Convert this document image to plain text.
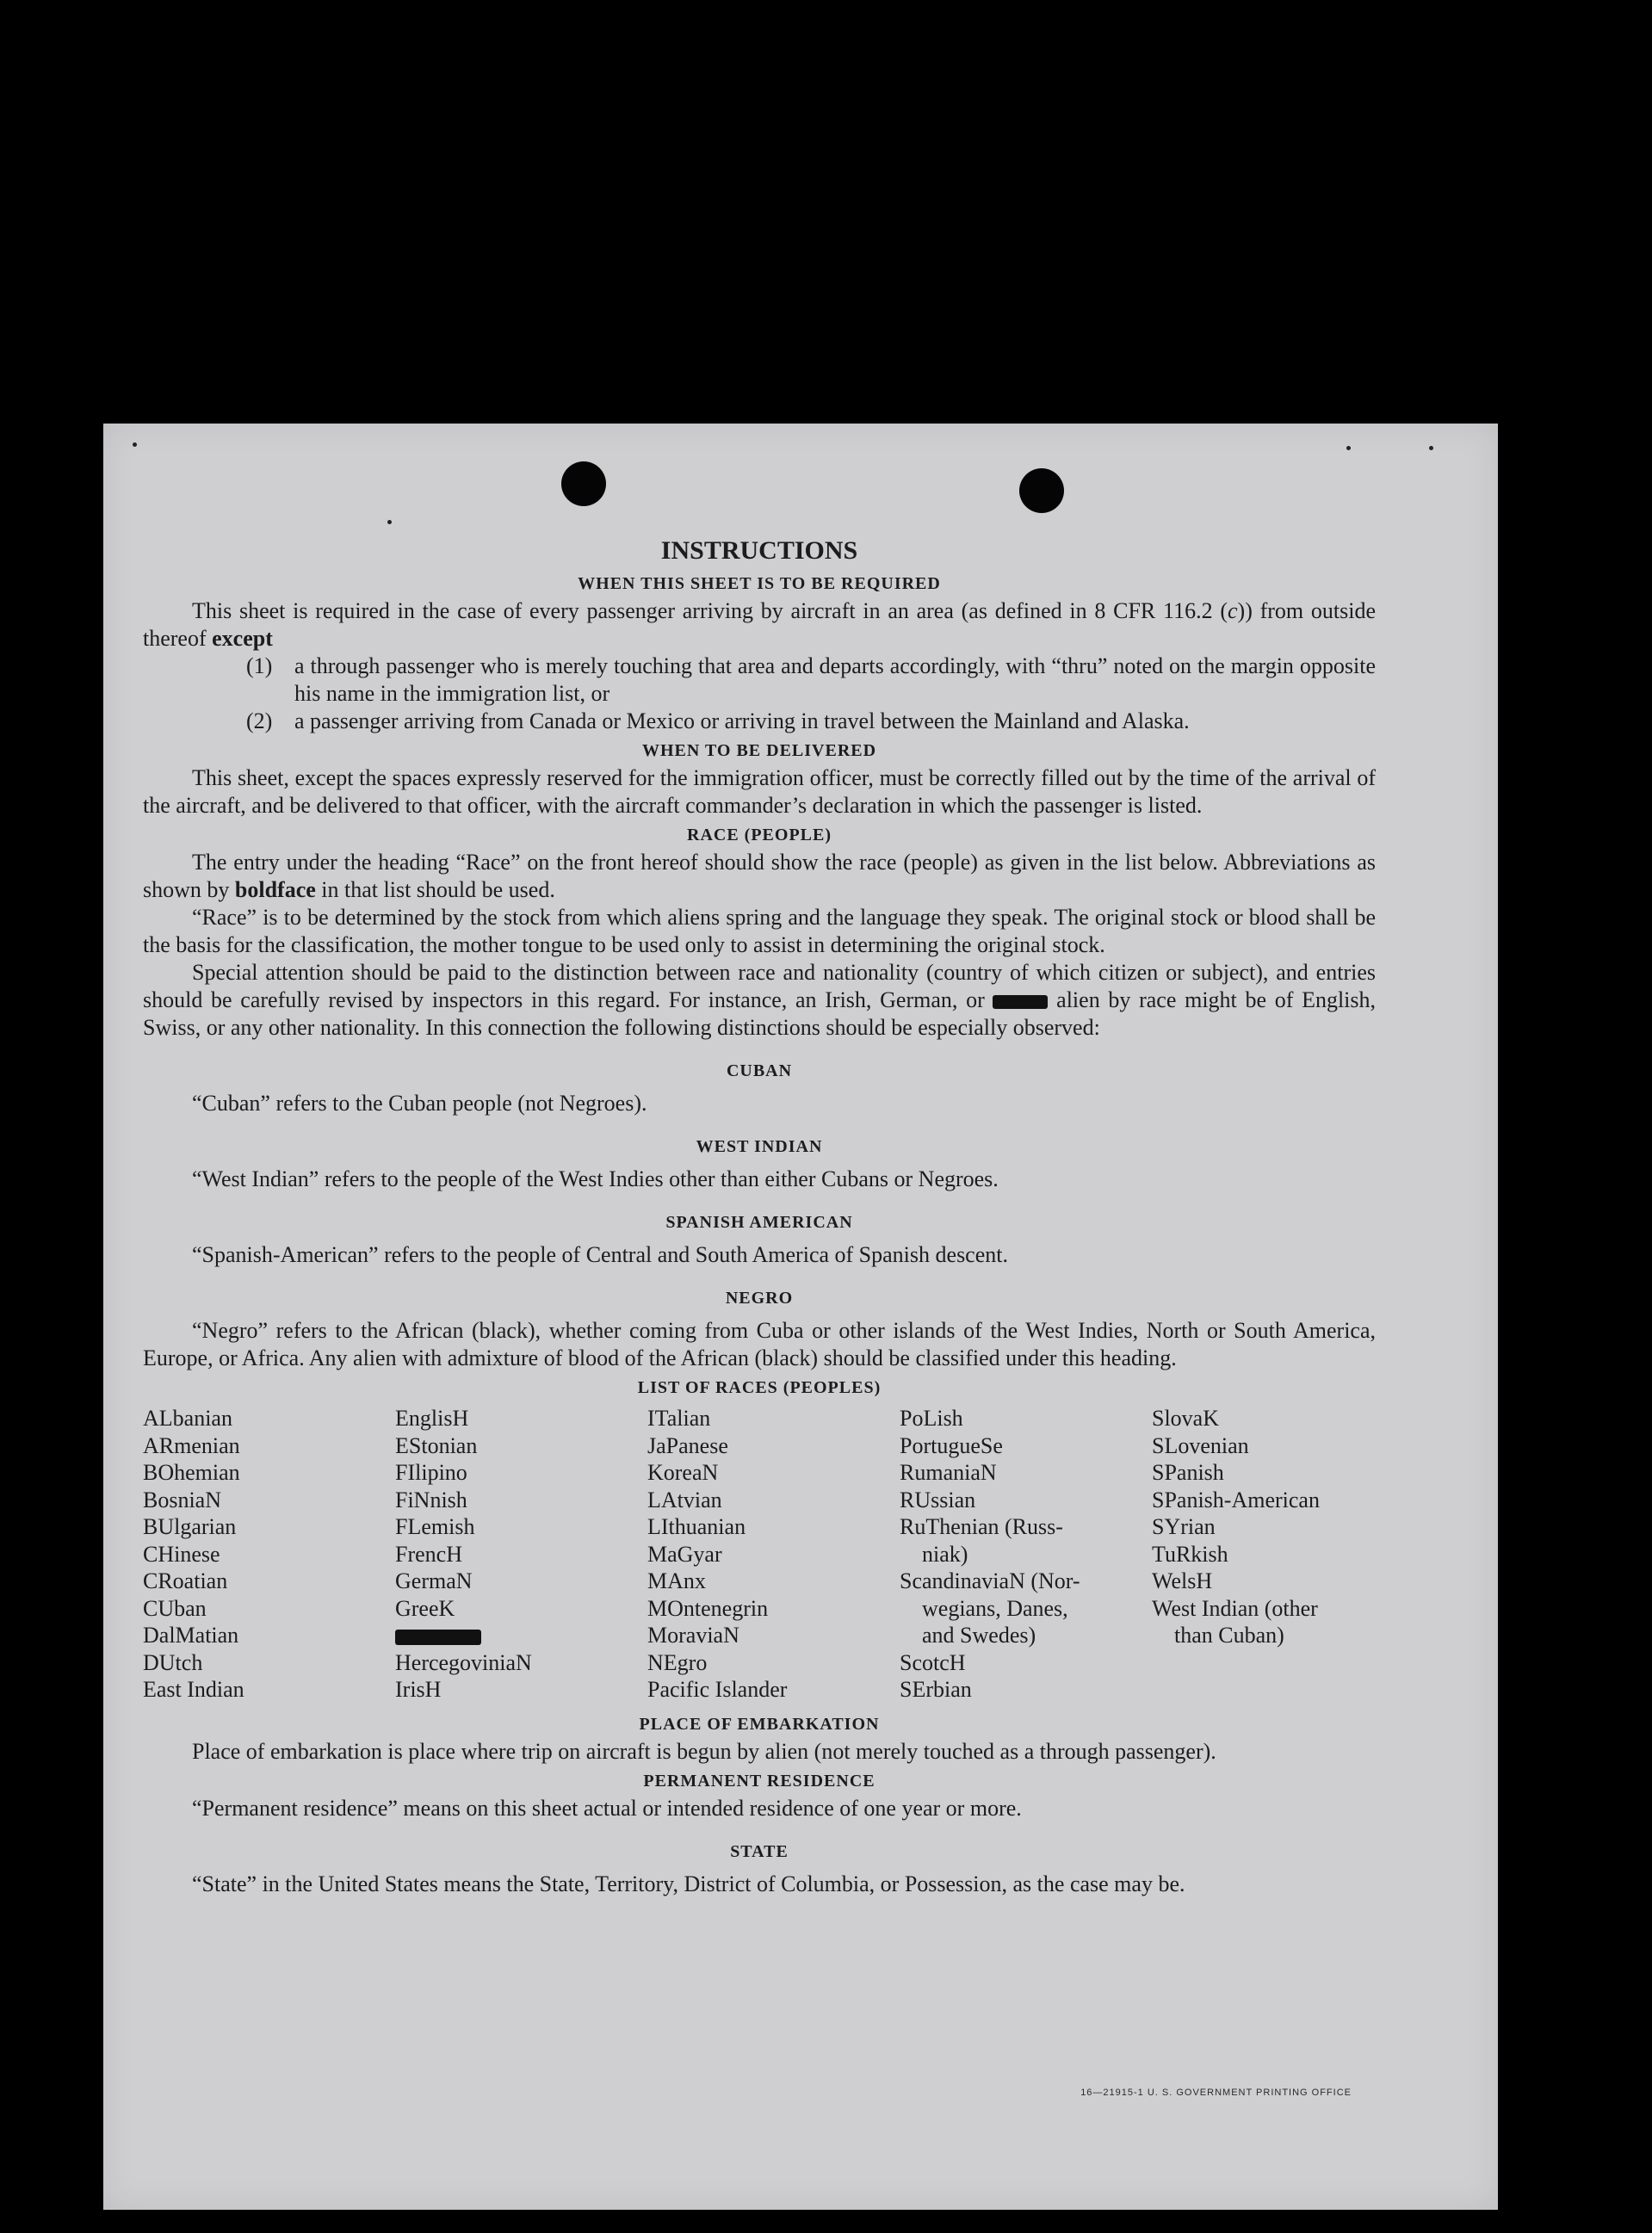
INSTRUCTIONS
WHEN THIS SHEET IS TO BE REQUIRED

This sheet is required in the case of every passenger arriving by aircraft in an area (as defined in 8 CFR 116.2 (c)) from outside thereof except

(1) a through passenger who is merely touching that area and departs accordingly, with “thru” noted on the margin opposite his name in the immigration list, or
(2) a passenger arriving from Canada or Mexico or arriving in travel between the Mainland and Alaska.
WHEN TO BE DELIVERED

This sheet, except the spaces expressly reserved for the immigration officer, must be correctly filled out by the time of the arrival of the aircraft, and be delivered to that officer, with the aircraft commander’s declaration in which the passenger is listed.

RACE (PEOPLE)

The entry under the heading “Race” on the front hereof should show the race (people) as given in the list below. Abbreviations as shown by boldface in that list should be used.

“Race” is to be determined by the stock from which aliens spring and the language they speak. The original stock or blood shall be the basis for the classification, the mother tongue to be used only to assist in determining the original stock.

Special attention should be paid to the distinction between race and nationality (country of which citizen or subject), and entries should be carefully revised by inspectors in this regard. For instance, an Irish, German, or	alien by race might be of English, Swiss, or any other nationality. In this connection the following distinctions should be especially observed:

CUBAN

“Cuban” refers to the Cuban people (not Negroes).

WEST INDIAN

“West Indian” refers to the people of the West Indies other than either Cubans or Negroes.

SPANISH AMERICAN

“Spanish-American” refers to the people of Central and South America of Spanish descent.

NEGRO

“Negro” refers to the African (black), whether coming from Cuba or other islands of the West Indies, North or South America, Europe, or Africa. Any alien with admixture of blood of the African (black) should be classified under this heading.

LIST OF RACES (PEOPLES)
ALbanian
ARmenian
BOhemian
BosniaN
BUlgarian
CHinese
CRoatian
CUban
DalMatian
DUtch
East Indian
EnglisH
EStonian
FIlipino
FiNnish
FLemish
FrencH
GermaN
GreeK
HercegoviniaN
IrisH
ITalian
JaPanese
KoreaN
LAtvian
LIthuanian
MaGyar
MAnx
MOntenegrin
MoraviaN
NEgro
Pacific Islander
PoLish
PortugueSe
RumaniaN
RUssian
RuThenian (Russ-
niak)
ScandinaviaN (Nor-
wegians, Danes,
and Swedes)
ScotcH
SErbian
SlovaK
SLovenian
SPanish
SPanish-American
SYrian
TuRkish
WelsH
West Indian (other
than Cuban)
PLACE OF EMBARKATION

Place of embarkation is place where trip on aircraft is begun by alien (not merely touched as a through passenger).

PERMANENT RESIDENCE

“Permanent residence” means on this sheet actual or intended residence of one year or more.

STATE

“State” in the United States means the State, Territory, District of Columbia, or Possession, as the case may be.

16—21915-1 U. S. GOVERNMENT PRINTING OFFICE
